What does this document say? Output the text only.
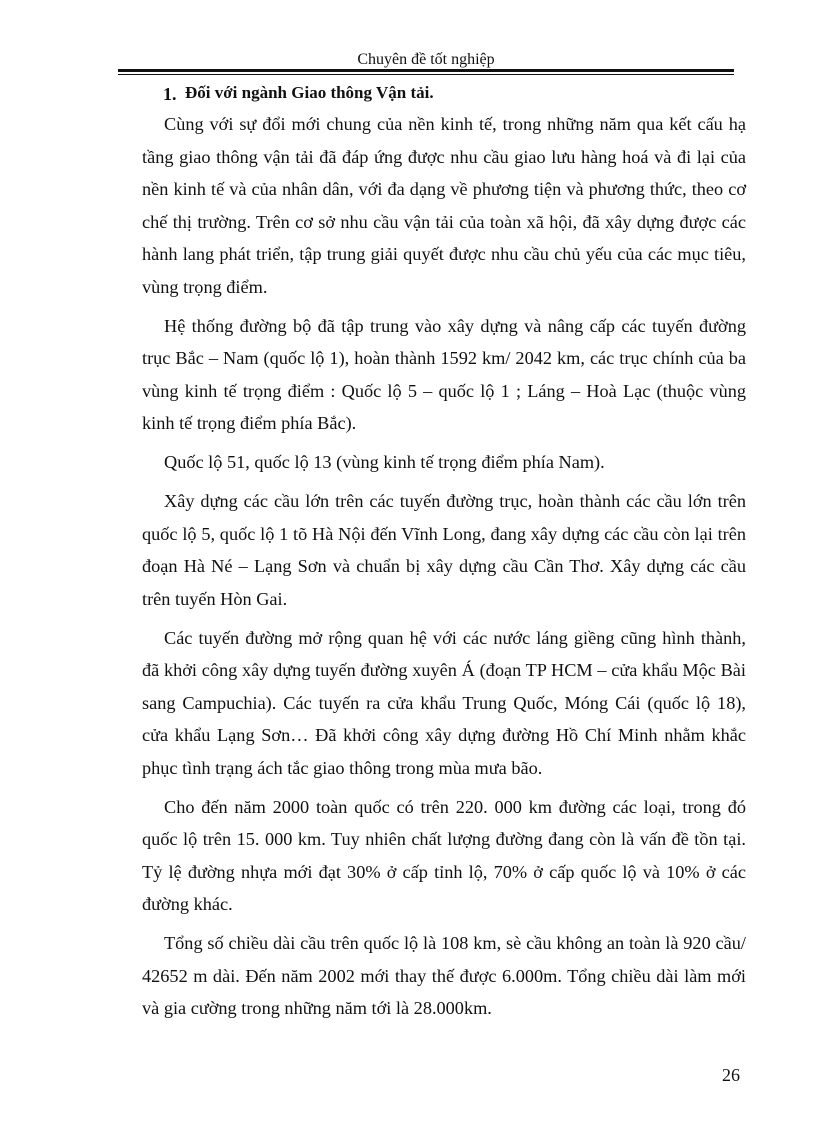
Chuyên đề tốt nghiệp
1. Đối với ngành Giao thông Vận tải.

Cùng với sự đổi mới chung của nền kinh tế, trong những năm qua kết cấu hạ tầng giao thông vận tải đã đáp ứng được nhu cầu giao lưu hàng hoá và đi lại của nền kinh tế và của nhân dân, với đa dạng về phương tiện và phương thức, theo cơ chế thị trường. Trên cơ sở nhu cầu vận tải của toàn xã hội, đã xây dựng được các hành lang phát triển, tập trung giải quyết được nhu cầu chủ yếu của các mục tiêu, vùng trọng điểm.

Hệ thống đường bộ đã tập trung vào xây dựng và nâng cấp các tuyến đường trục Bắc – Nam (quốc lộ 1), hoàn thành 1592 km/ 2042 km, các trục chính của ba vùng kinh tế trọng điểm : Quốc lộ 5 – quốc lộ 1 ; Láng – Hoà Lạc (thuộc vùng kinh tế trọng điểm phía Bắc).

Quốc lộ 51, quốc lộ 13 (vùng kinh tế trọng điểm phía Nam).

Xây dựng các cầu lớn trên các tuyến đường trục, hoàn thành các cầu lớn trên quốc lộ 5, quốc lộ 1 tõ Hà Nội đến Vĩnh Long, đang xây dựng các cầu còn lại trên đoạn Hà Né – Lạng Sơn và chuẩn bị xây dựng cầu Cần Thơ. Xây dựng các cầu trên tuyến Hòn Gai.

Các tuyến đường mở rộng quan hệ với các nước láng giềng cũng hình thành, đã khởi công xây dựng tuyến đường xuyên Á (đoạn TP HCM – cửa khẩu Mộc Bài sang Campuchia). Các tuyến ra cửa khẩu Trung Quốc, Móng Cái (quốc lộ 18), cửa khẩu Lạng Sơn… Đã khởi công xây dựng đường Hồ Chí Minh nhằm khắc phục tình trạng ách tắc giao thông trong mùa mưa bão.

Cho đến năm 2000 toàn quốc có trên 220. 000 km đường các loại, trong đó quốc lộ trên 15. 000 km. Tuy nhiên chất lượng đường đang còn là vấn đề tồn tại. Tỷ lệ đường nhựa mới đạt 30% ở cấp tỉnh lộ, 70% ở cấp quốc lộ và 10% ở các đường khác.

Tổng số chiều dài cầu trên quốc lộ là 108 km, sè cầu không an toàn là 920 cầu/ 42652 m dài. Đến năm 2002 mới thay thế được 6.000m. Tổng chiều dài làm mới và gia cường trong những năm tới là 28.000km.

26
